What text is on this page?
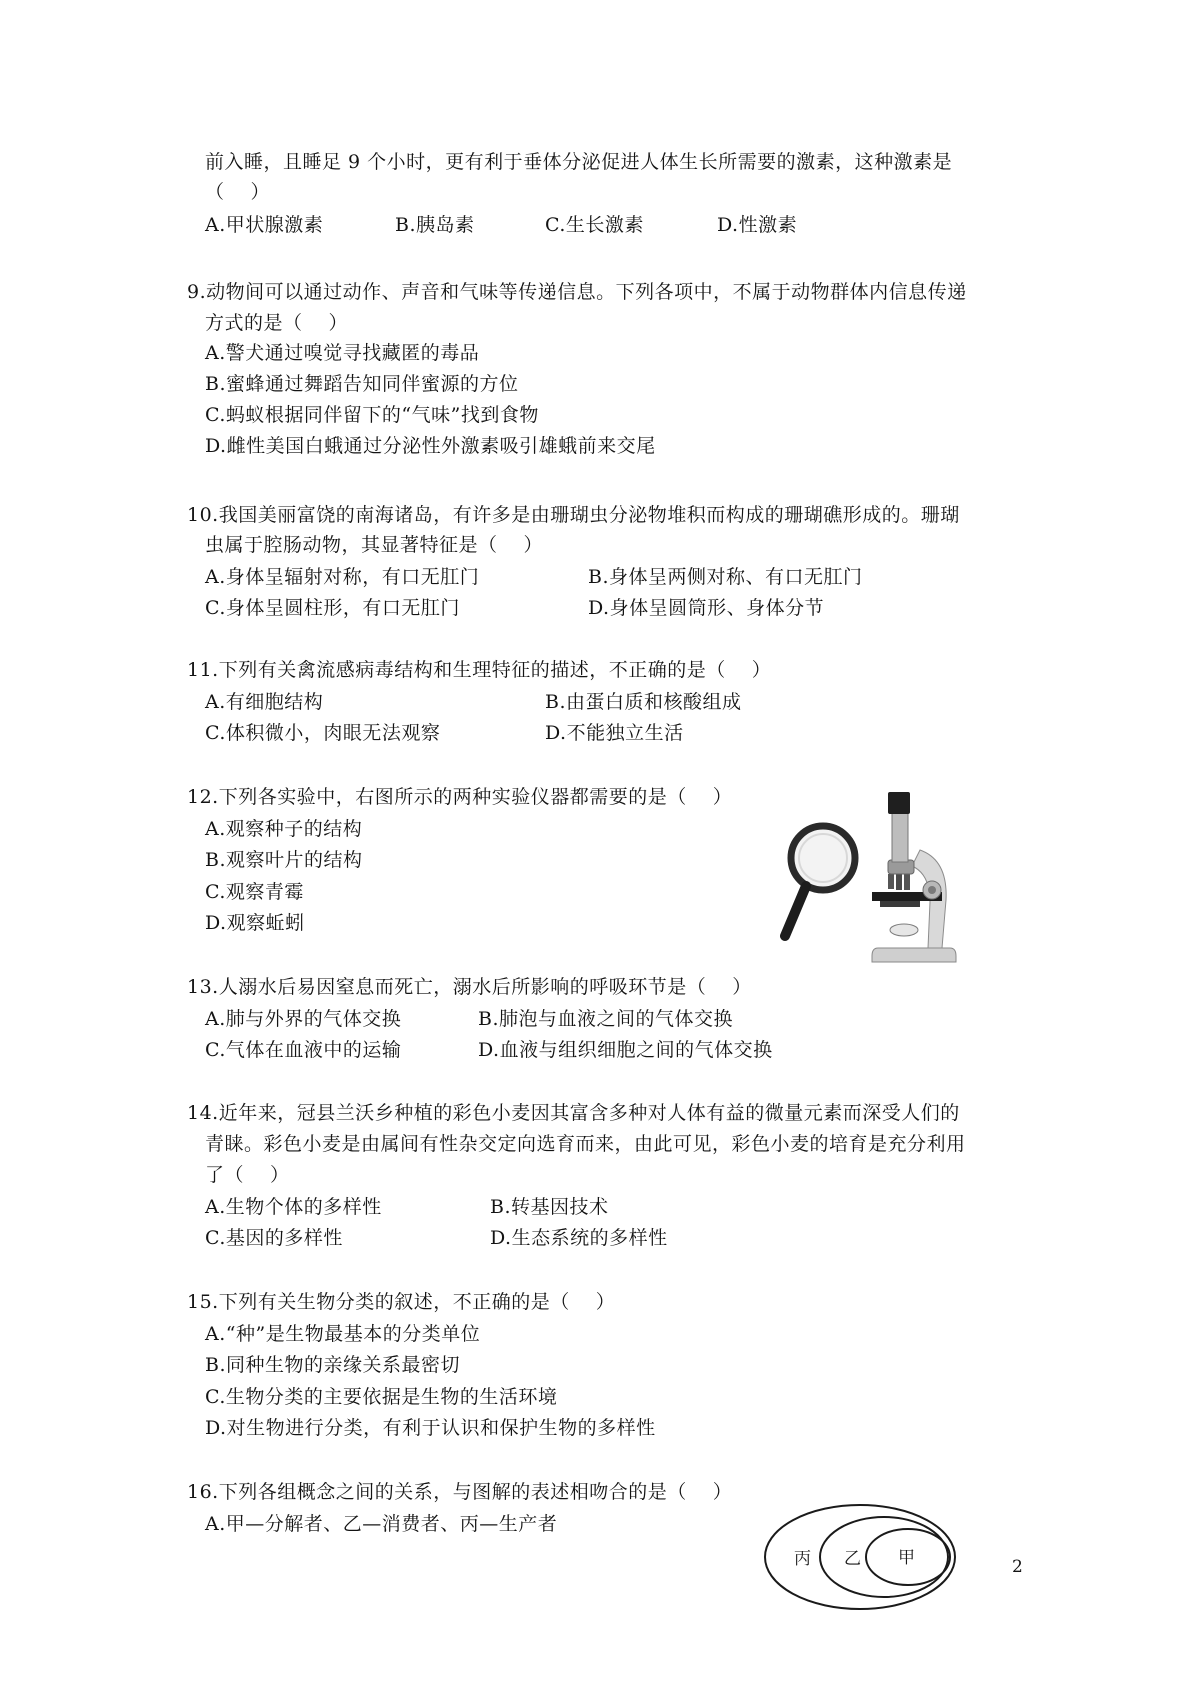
前入睡，且睡足 9 个小时，更有利于垂体分泌促进人体生长所需要的激素，这种激素是
（　 ）
A.甲状腺激素	B.胰岛素	C.生长激素	D.性激素
9.动物间可以通过动作、声音和气味等传递信息。下列各项中，不属于动物群体内信息传递
方式的是（　 ）
A.警犬通过嗅觉寻找藏匿的毒品
B.蜜蜂通过舞蹈告知同伴蜜源的方位
C.蚂蚁根据同伴留下的“气味”找到食物
D.雌性美国白蛾通过分泌性外激素吸引雄蛾前来交尾
10.我国美丽富饶的南海诸岛，有许多是由珊瑚虫分泌物堆积而构成的珊瑚礁形成的。珊瑚
虫属于腔肠动物，其显著特征是（　 ）
A.身体呈辐射对称，有口无肛门	B.身体呈两侧对称、有口无肛门
C.身体呈圆柱形，有口无肛门	D.身体呈圆筒形、身体分节
11.下列有关禽流感病毒结构和生理特征的描述，不正确的是（　 ）
A.有细胞结构	B.由蛋白质和核酸组成
C.体积微小，肉眼无法观察	D.不能独立生活
12.下列各实验中，右图所示的两种实验仪器都需要的是（　 ）
A.观察种子的结构
B.观察叶片的结构
C.观察青霉
D.观察蚯蚓
13.人溺水后易因窒息而死亡，溺水后所影响的呼吸环节是（　 ）
A.肺与外界的气体交换	B.肺泡与血液之间的气体交换
C.气体在血液中的运输	D.血液与组织细胞之间的气体交换
14.近年来，冠县兰沃乡种植的彩色小麦因其富含多种对人体有益的微量元素而深受人们的
青睐。彩色小麦是由属间有性杂交定向选育而来，由此可见，彩色小麦的培育是充分利用
了（　 ）
A.生物个体的多样性	B.转基因技术
C.基因的多样性	D.生态系统的多样性
15.下列有关生物分类的叙述，不正确的是（　 ）
A.“种”是生物最基本的分类单位
B.同种生物的亲缘关系最密切
C.生物分类的主要依据是生物的生活环境
D.对生物进行分类，有利于认识和保护生物的多样性
16.下列各组概念之间的关系，与图解的表述相吻合的是（　 ）
A.甲—分解者、乙—消费者、丙—生产者
丙 乙 甲	2
